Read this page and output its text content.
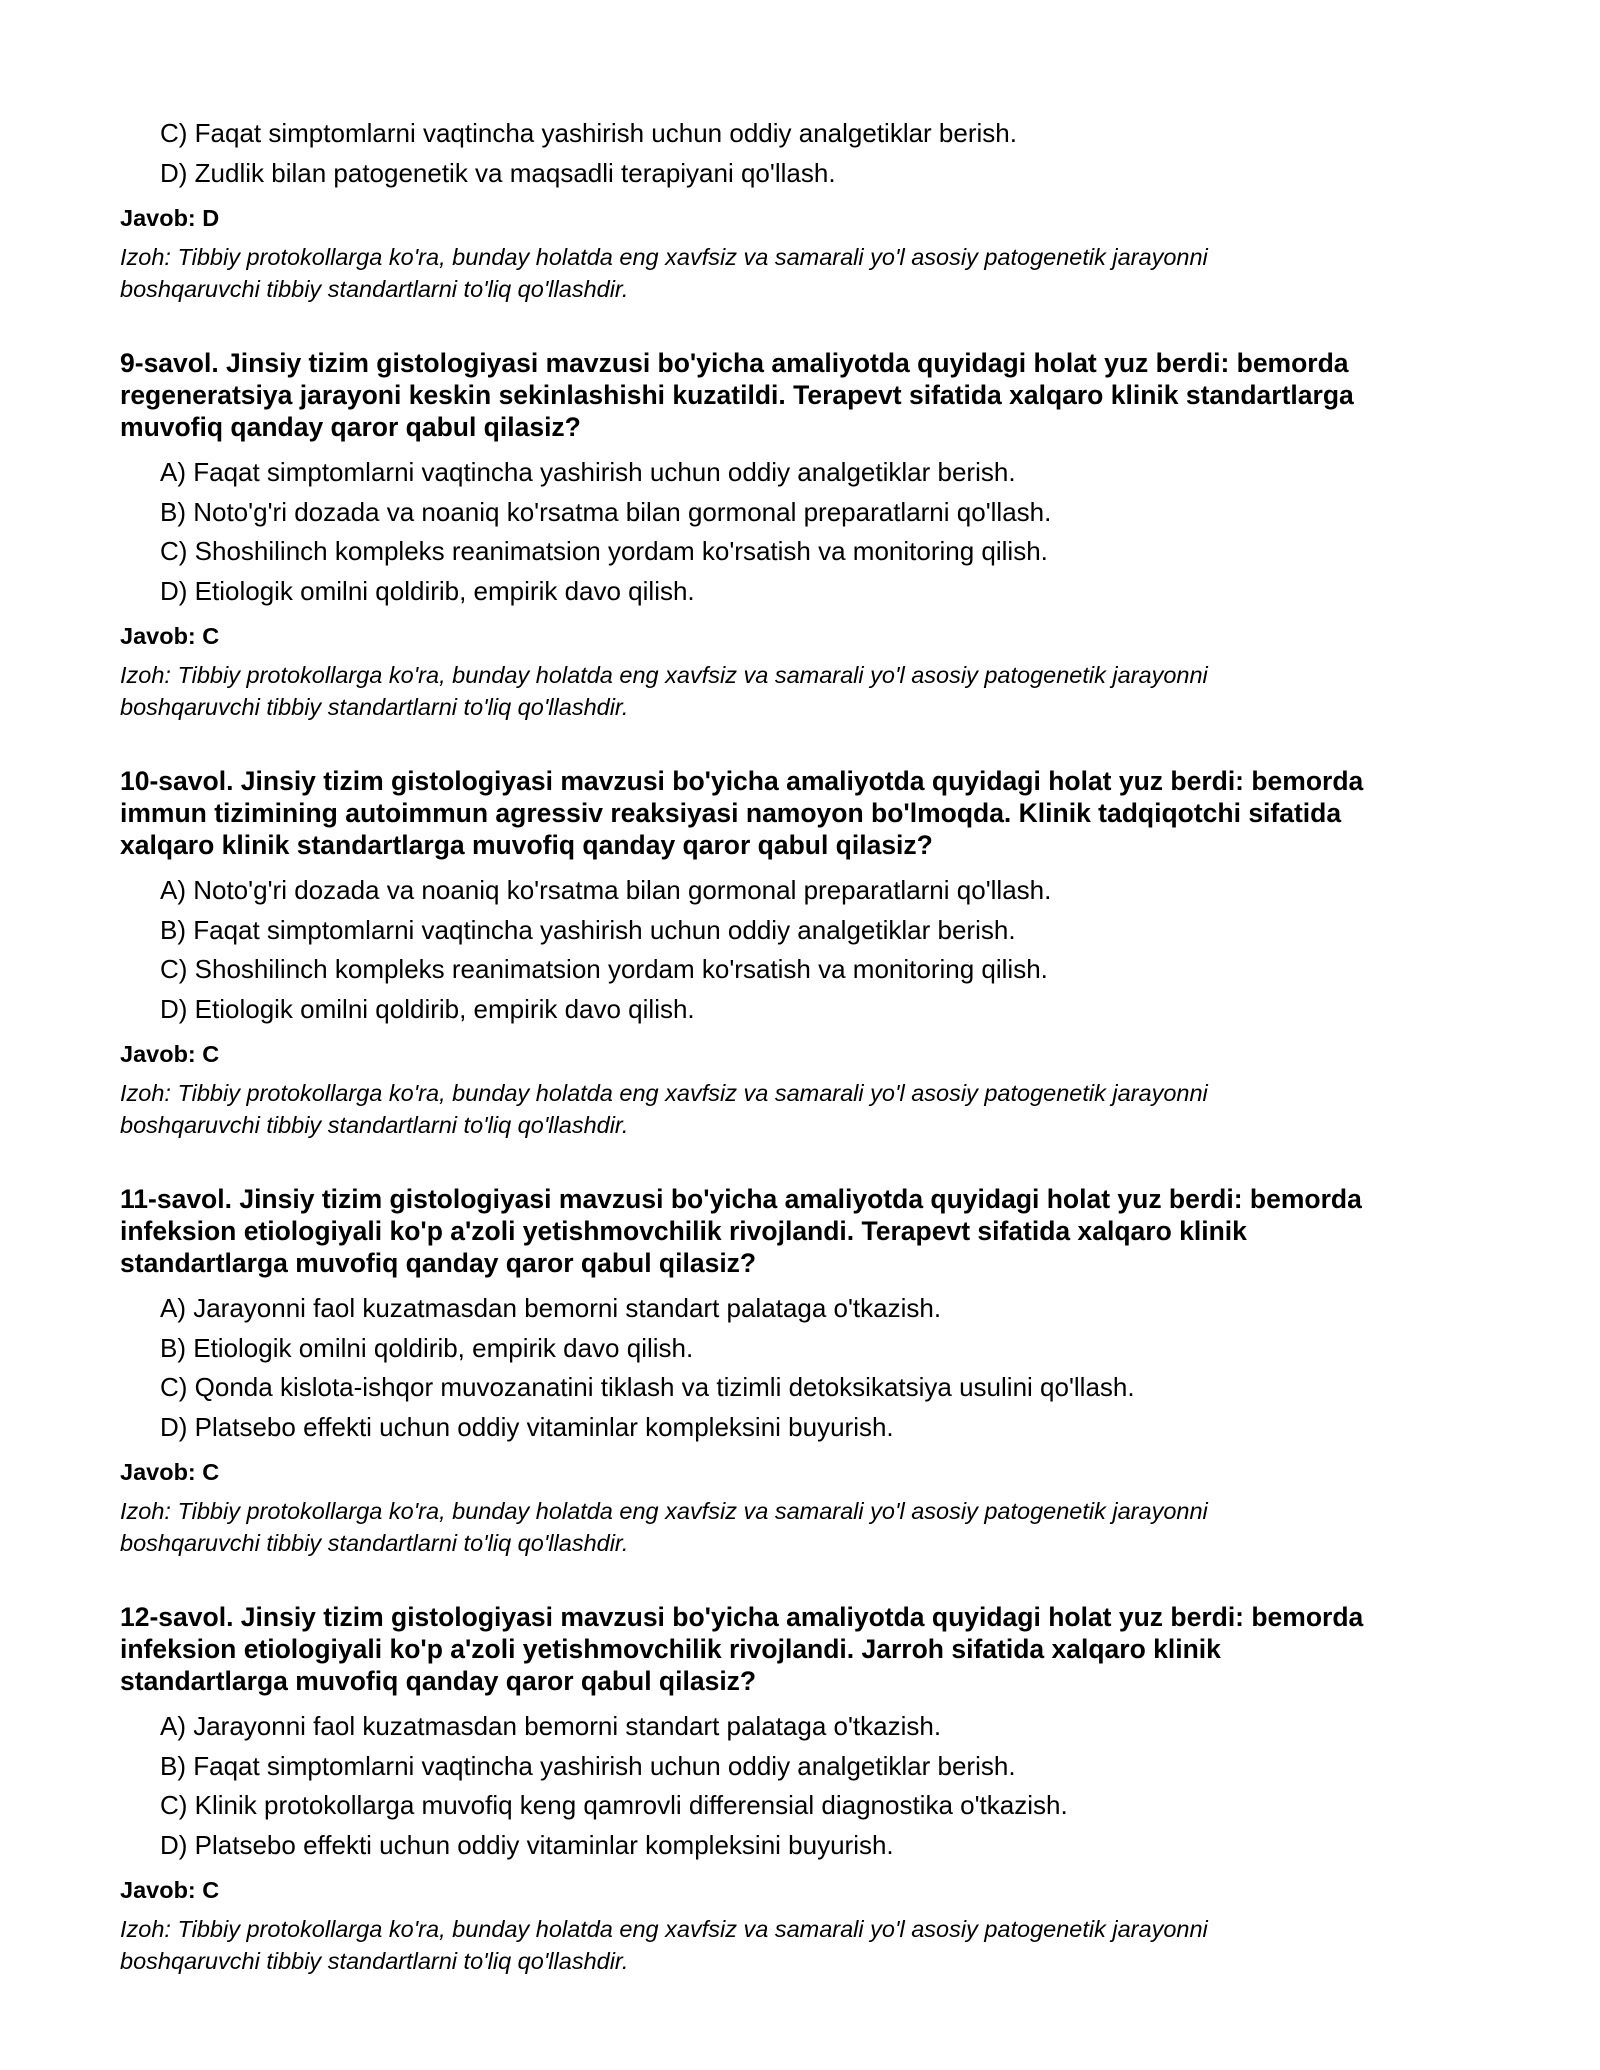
C) Faqat simptomlarni vaqtincha yashirish uchun oddiy analgetiklar berish.
D) Zudlik bilan patogenetik va maqsadli terapiyani qo'llash.
Javob: D
Izoh: Tibbiy protokollarga ko'ra, bunday holatda eng xavfsiz va samarali yo'l asosiy patogenetik jarayonni
boshqaruvchi tibbiy standartlarni to'liq qo'llashdir.
9-savol. Jinsiy tizim gistologiyasi mavzusi bo'yicha amaliyotda quyidagi holat yuz berdi: bemorda
regeneratsiya jarayoni keskin sekinlashishi kuzatildi. Terapevt sifatida xalqaro klinik standartlarga
muvofiq qanday qaror qabul qilasiz?
A) Faqat simptomlarni vaqtincha yashirish uchun oddiy analgetiklar berish.
B) Noto'g'ri dozada va noaniq ko'rsatma bilan gormonal preparatlarni qo'llash.
C) Shoshilinch kompleks reanimatsion yordam ko'rsatish va monitoring qilish.
D) Etiologik omilni qoldirib, empirik davo qilish.
Javob: C
Izoh: Tibbiy protokollarga ko'ra, bunday holatda eng xavfsiz va samarali yo'l asosiy patogenetik jarayonni
boshqaruvchi tibbiy standartlarni to'liq qo'llashdir.
10-savol. Jinsiy tizim gistologiyasi mavzusi bo'yicha amaliyotda quyidagi holat yuz berdi: bemorda
immun tizimining autoimmun agressiv reaksiyasi namoyon bo'lmoqda. Klinik tadqiqotchi sifatida
xalqaro klinik standartlarga muvofiq qanday qaror qabul qilasiz?
A) Noto'g'ri dozada va noaniq ko'rsatma bilan gormonal preparatlarni qo'llash.
B) Faqat simptomlarni vaqtincha yashirish uchun oddiy analgetiklar berish.
C) Shoshilinch kompleks reanimatsion yordam ko'rsatish va monitoring qilish.
D) Etiologik omilni qoldirib, empirik davo qilish.
Javob: C
Izoh: Tibbiy protokollarga ko'ra, bunday holatda eng xavfsiz va samarali yo'l asosiy patogenetik jarayonni
boshqaruvchi tibbiy standartlarni to'liq qo'llashdir.
11-savol. Jinsiy tizim gistologiyasi mavzusi bo'yicha amaliyotda quyidagi holat yuz berdi: bemorda
infeksion etiologiyali ko'p a'zoli yetishmovchilik rivojlandi. Terapevt sifatida xalqaro klinik
standartlarga muvofiq qanday qaror qabul qilasiz?
A) Jarayonni faol kuzatmasdan bemorni standart palataga o'tkazish.
B) Etiologik omilni qoldirib, empirik davo qilish.
C) Qonda kislota-ishqor muvozanatini tiklash va tizimli detoksikatsiya usulini qo'llash.
D) Platsebo effekti uchun oddiy vitaminlar kompleksini buyurish.
Javob: C
Izoh: Tibbiy protokollarga ko'ra, bunday holatda eng xavfsiz va samarali yo'l asosiy patogenetik jarayonni
boshqaruvchi tibbiy standartlarni to'liq qo'llashdir.
12-savol. Jinsiy tizim gistologiyasi mavzusi bo'yicha amaliyotda quyidagi holat yuz berdi: bemorda
infeksion etiologiyali ko'p a'zoli yetishmovchilik rivojlandi. Jarroh sifatida xalqaro klinik
standartlarga muvofiq qanday qaror qabul qilasiz?
A) Jarayonni faol kuzatmasdan bemorni standart palataga o'tkazish.
B) Faqat simptomlarni vaqtincha yashirish uchun oddiy analgetiklar berish.
C) Klinik protokollarga muvofiq keng qamrovli differensial diagnostika o'tkazish.
D) Platsebo effekti uchun oddiy vitaminlar kompleksini buyurish.
Javob: C
Izoh: Tibbiy protokollarga ko'ra, bunday holatda eng xavfsiz va samarali yo'l asosiy patogenetik jarayonni
boshqaruvchi tibbiy standartlarni to'liq qo'llashdir.
